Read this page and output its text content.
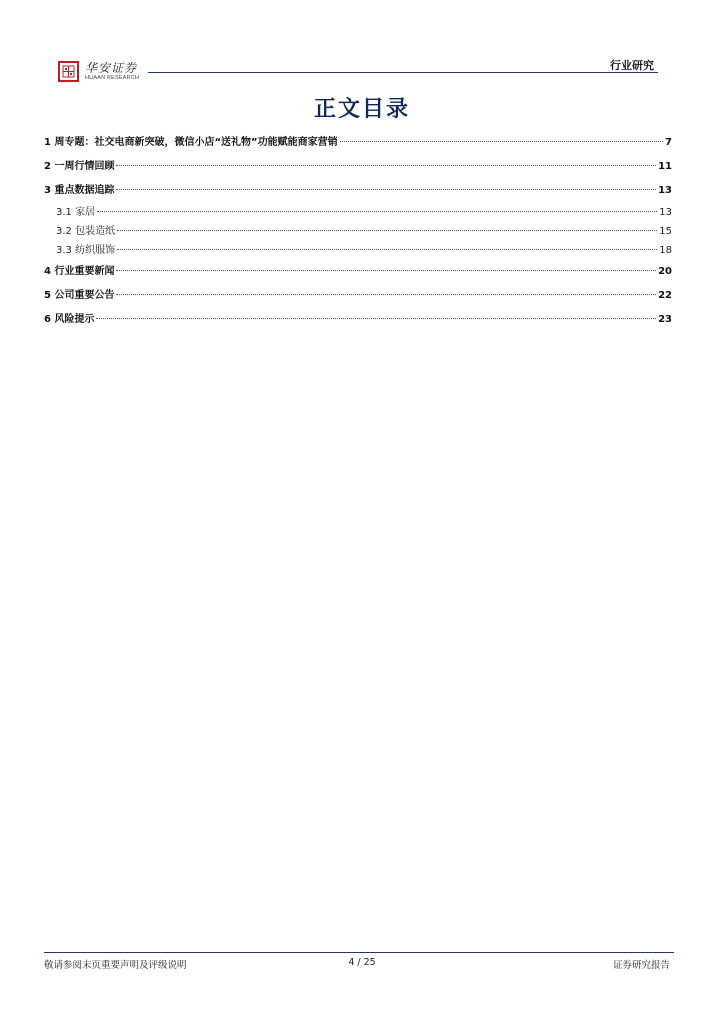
华安证券
HUAAN RESEARCH
行业研究
正文目录
1 周专题：社交电商新突破，微信小店“送礼物”功能赋能商家营销	7
2 一周行情回顾	11
3 重点数据追踪	13
3.1 家居	13
3.2 包装造纸	15
3.3 纺织服饰	18
4 行业重要新闻	20
5 公司重要公告	22
6 风险提示	23
敬请参阅末页重要声明及评级说明	4 / 25	证券研究报告
